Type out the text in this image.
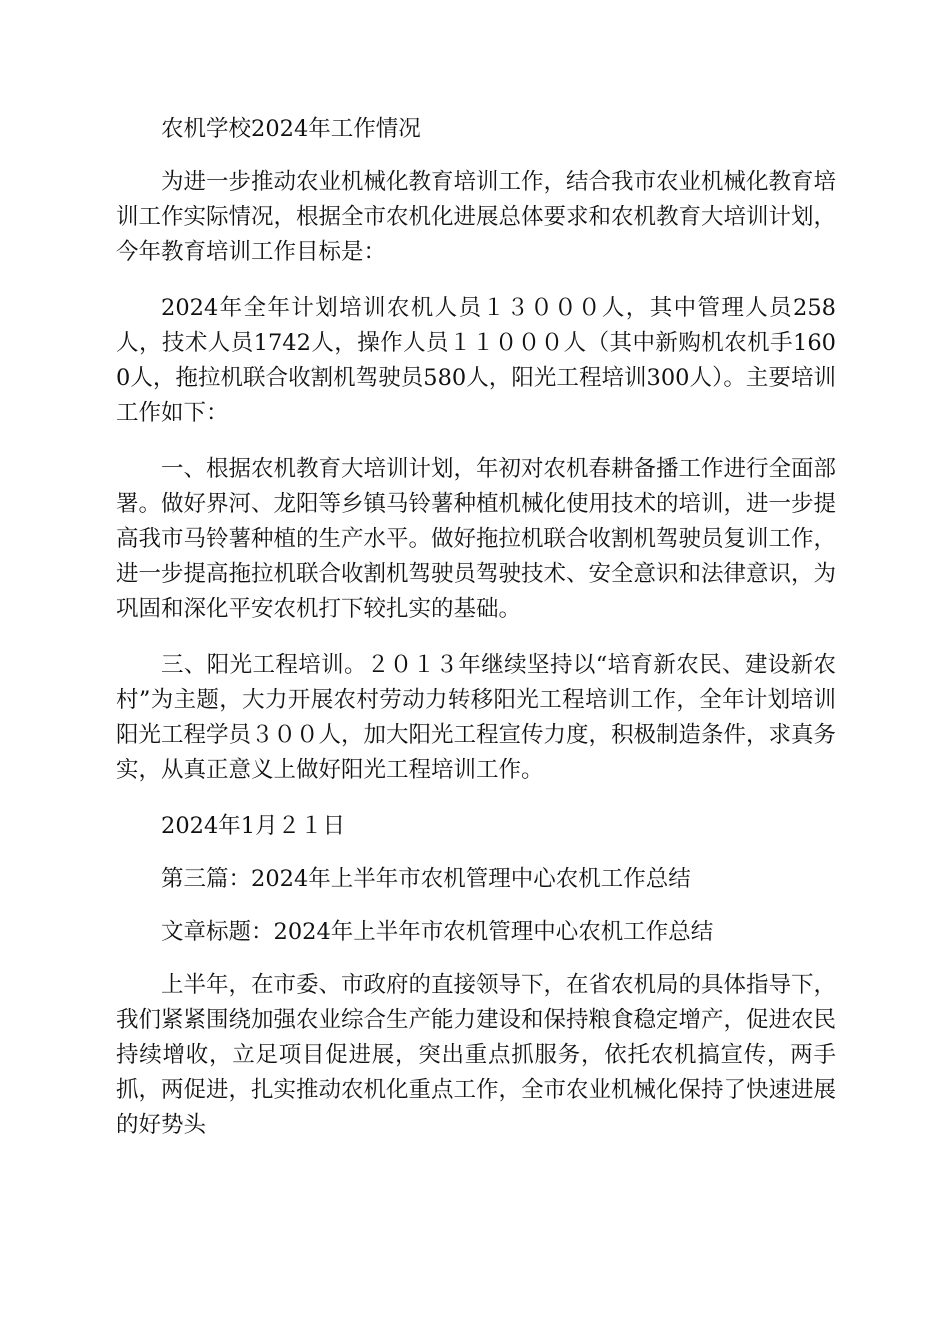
农机学校2024年工作情况

为进一步推动农业机械化教育培训工作，结合我市农业机械化教育培训工作实际情况，根据全市农机化进展总体要求和农机教育大培训计划，今年教育培训工作目标是：

2024年全年计划培训农机人员１３０００人，其中管理人员258人，技术人员1742人，操作人员１１０００人（其中新购机农机手1600人，拖拉机联合收割机驾驶员580人，阳光工程培训300人）。主要培训工作如下：

一、根据农机教育大培训计划，年初对农机春耕备播工作进行全面部署。做好界河、龙阳等乡镇马铃薯种植机械化使用技术的培训，进一步提高我市马铃薯种植的生产水平。做好拖拉机联合收割机驾驶员复训工作，进一步提高拖拉机联合收割机驾驶员驾驶技术、安全意识和法律意识，为巩固和深化平安农机打下较扎实的基础。

三、阳光工程培训。２０１３年继续坚持以“培育新农民、建设新农村”为主题，大力开展农村劳动力转移阳光工程培训工作，全年计划培训阳光工程学员３００人，加大阳光工程宣传力度，积极制造条件，求真务实，从真正意义上做好阳光工程培训工作。

2024年1月２１日

第三篇：2024年上半年市农机管理中心农机工作总结

文章标题：2024年上半年市农机管理中心农机工作总结

上半年，在市委、市政府的直接领导下，在省农机局的具体指导下，我们紧紧围绕加强农业综合生产能力建设和保持粮食稳定增产，促进农民持续增收，立足项目促进展，突出重点抓服务，依托农机搞宣传，两手抓，两促进，扎实推动农机化重点工作，全市农业机械化保持了快速进展的好势头
